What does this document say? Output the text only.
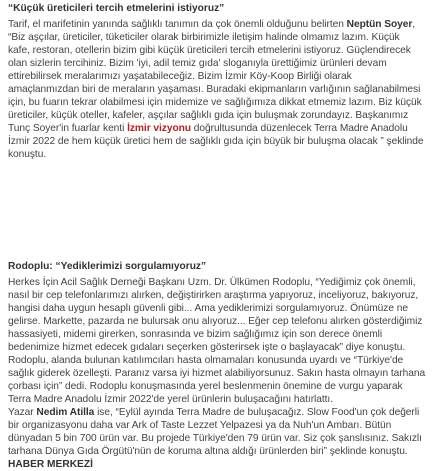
“Küçük üreticileri tercih etmelerini istiyoruz”
Tarif, el marifetinin yanında sağlıklı tanımın da çok önemli olduğunu belirten Neptün Soyer,
“Biz aşçılar, üreticiler, tüketiciler olarak birbirimizle iletişim halinde olmamız lazım. Küçük
kafe, restoran, otellerin bizim gibi küçük üreticileri tercih etmelerini istiyoruz. Güçlendirecek
olan sizlerin tercihiniz. Bizim 'iyi, adil temiz gıda' sloganıyla ürettiğimiz ürünleri devam
ettirebilirsek meralarımızı yaşatabileceğiz. Bizim İzmir Köy-Koop Birliği olarak
amaçlanmızdan biri de meraların yaşaması. Buradaki ekipmanların varlığının sağlanabilmesi
için, bu fuarın tekrar olabilmesi için midemize ve sağlığımıza dikkat etmemiz lazım. Biz küçük
üreticiler, küçük oteller, kafeler, aşçılar sağlıklı gıda için buluşmak zorundayız. Başkanımız
Tunç Soyer'in fuarlar kenti İzmir vizyonu doğrultusunda düzenlecek Terra Madre Anadolu
İzmir 2022 de hem küçük üretici hem de sağlıklı gıda için büyük bir buluşma olacak ” şeklinde
konuştu.
Rodoplu: “Yediklerimizi sorgulamıyoruz”
Herkes İçin Acil Sağlık Derneği Başkanı Uzm. Dr. Ülkümen Rodoplu, “Yediğimiz çok önemli,
nasıl bir cep telefonlarımızı alırken, değiştirirken araştırma yapıyoruz, inceliyoruz, bakıyoruz,
hangisi daha uygun hesaplı güvenli gibi... Ama yediklerimizi sorgulamıyoruz. Önümüze ne
gelirse. Markette, pazarda ne bulursak onu alıyoruz... Eğer cep telefonu alırken gösterdiğimiz
hassasiyeti, midemi girerken, sonrasında ve bizim sağlığımız için son derece önemli
bedenimize hizmet edecek gıdaları seçerken gösterirsek işte o başlayacak” diye konuştu.
Rodoplu, alanda bulunan katılımcıları hasta olmamaları konusunda uyardı ve “Türkiye'de
sağlık giderek özelleşti. Paranız varsa iyi hizmet alabiliyorsunuz. Sakın hasta olmayın tarhana
çorbası için” dedi. Rodoplu konuşmasında yerel beslenmenin önemine de vurgu yaparak
Terra Madre Anadolu İzmir 2022'de yerel ürünlerin buluşacağını hatırlattı.
Yazar Nedim Atilla ise, “Eylül ayında Terra Madre de buluşacağız. Slow Food'un çok değerli
bir organizasyonu daha var Ark of Taste Lezzet Yelpazesi ya da Nuh'un Ambarı. Bütün
dünyadan 5 bin 700 ürün var. Bu projede Türkiye'den 79 ürün var. Siz çok şanslısınız. Sakızlı
tarhana Dünya Gıda Örgütü'nün de koruma altına aldığı ürünlerden biri” şeklinde konuştu.
HABER MERKEZİ
